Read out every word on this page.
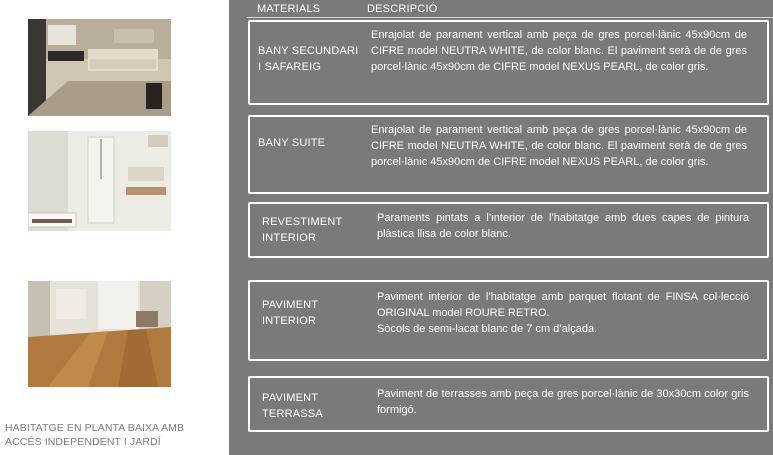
HABITATGE EN PLANTA BAIXA AMB
ACCÉS INDEPENDENT I JARDÍ
MATERIALS	DESCRIPCIÓ
BANY SECUNDARI
I SAFAREIG
Enrajolat de parament vertical amb peça de gres porcel·lànic 45x90cm de CIFRE model NEUTRA WHITE, de color blanc. El paviment serà de de gres porcel·lànic 45x90cm de CIFRE model NEXUS PEARL, de color gris.
BANY SUITE
Enrajolat de parament vertical amb peça de gres porcel·lànic 45x90cm de CIFRE model NEUTRA WHITE, de color blanc. El paviment serà de de gres porcel·lànic 45x90cm de CIFRE model NEXUS PEARL, de color gris.
REVESTIMENT
INTERIOR
Paraments pintats a l’interior de l’habitatge amb dues capes de pintura plàstica llisa de color blanc.
PAVIMENT
INTERIOR
Paviment interior de l’habitatge amb parquet flotant de FINSA col·lecció ORIGINAL model ROURE RETRO.
Sòcols de semi-lacat blanc de 7 cm d’alçada.
PAVIMENT
TERRASSA
Paviment de terrasses amb peça de gres porcel·lànic de 30x30cm color gris formigó.
